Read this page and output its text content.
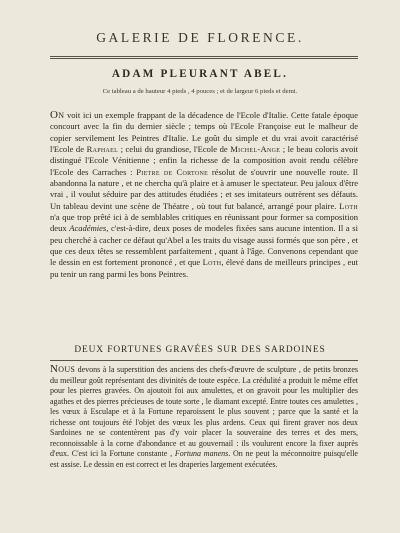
GALERIE DE FLORENCE.
ADAM PLEURANT ABEL.
Ce tableau a de hauteur 4 pieds , 4 pouces ; et de largeur 6 pieds et demi.

On voit ici un exemple frappant de la décadence de l'Ecole d'Italie. Cette fatale époque concourt avec la fin du dernier siècle ; temps où l'Ecole Françoise eut le malheur de copier servilement les Peintres d'Italie. Le goût du simple et du vrai avoit caractérisé l'Ecole de Raphael ; celui du grandiose, l'Ecole de Michel-Ange ; le beau coloris avoit distingué l'Ecole Vénitienne ; enfin la richesse de la composition avoit rendu célèbre l'Ecole des Carraches : Pietre de Cortone résolut de s'ouvrir une nouvelle route. Il abandonna la nature , et ne chercha qu'à plaire et à amuser le spectateur. Peu jaloux d'être vrai , il voulut séduire par des attitudes étudiées ; et ses imitateurs outrèrent ses défauts. Un tableau devint une scène de Théatre , où tout fut balancé, arrangé pour plaire. Loth n'a que trop prêté ici à de semblables critiques en réunissant pour former sa composition deux Académies, c'est-à-dire, deux poses de modeles fixées sans aucune intention. Il a si peu cherché à cacher ce défaut qu'Abel a les traits du visage aussi formés que son père , et que ces deux têtes se ressemblent parfaitement , quant à l'âge. Convenons cependant que le dessin en est fortement prononcé , et que Loth, élevé dans de meilleurs principes , eut pu tenir un rang parmi les bons Peintres.

DEUX FORTUNES GRAVÉES SUR DES SARDOINES

Nous devons à la superstition des anciens des chefs-d'œuvre de sculpture , de petits bronzes du meilleur goût représentant des divinités de toute espèce. La crédulité a produit le même effet pour les pierres gravées. On ajoutoit foi aux amulettes, et on gravoit pour les multiplier des agathes et des pierres précieuses de toute sorte , le diamant excepté. Entre toutes ces amulettes , les vœux à Esculape et à la Fortune reparoissent le plus souvent ; parce que la santé et la richesse ont toujours été l'objet des vœux les plus ardens. Ceux qui firent graver nos deux Sardoines ne se contentèrent pas d'y voir placer la souveraine des terres et des mers, reconnoissable à la corne d'abondance et au gouvernail : ils voulurent encore la fixer auprès d'eux. C'est ici la Fortune constante , Fortuna manens. On ne peut la méconnoitre puisqu'elle est assise. Le dessin en est correct et les draperies largement exécutées.
